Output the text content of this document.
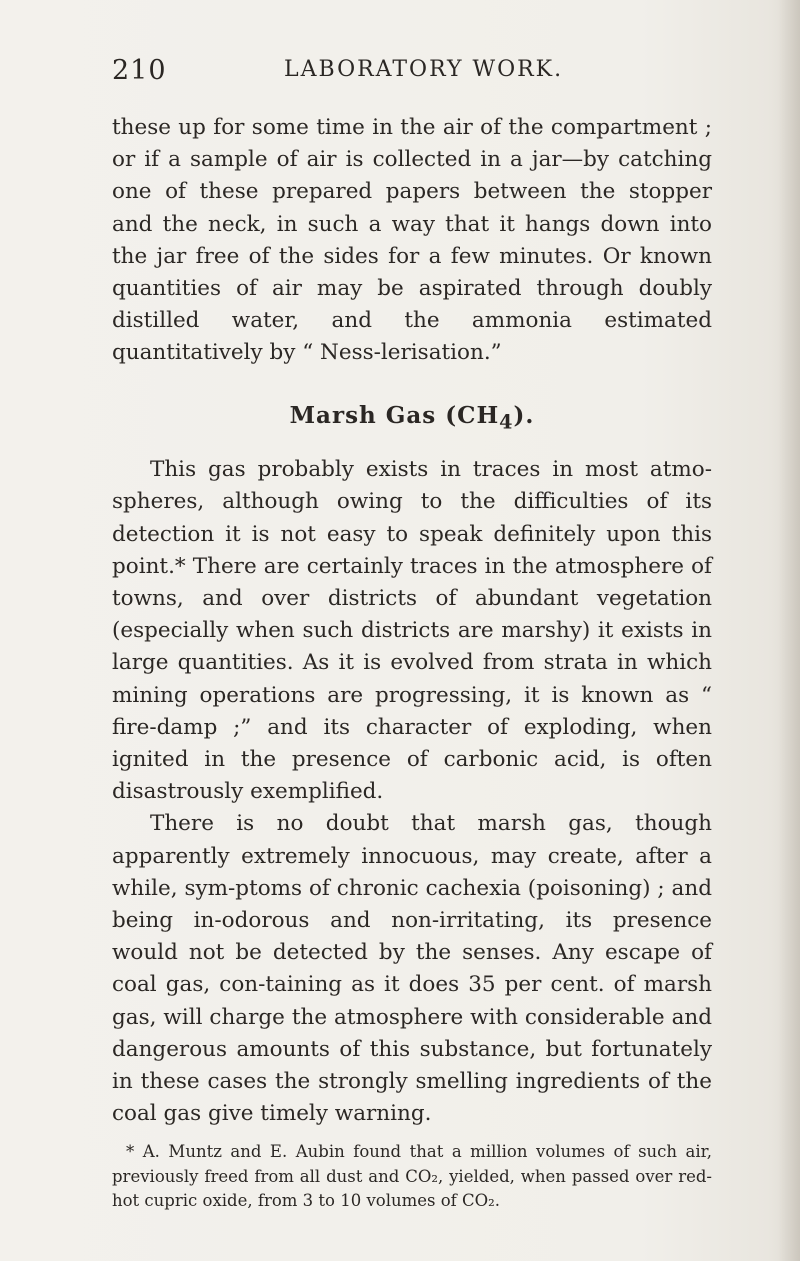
210	LABORATORY WORK.

these up for some time in the air of the compartment ; or if a sample of air is collected in a jar—by catching one of these prepared papers between the stopper and the neck, in such a way that it hangs down into the jar free of the sides for a few minutes. Or known quantities of air may be aspirated through doubly distilled water, and the ammonia estimated quantitatively by “ Ness-lerisation.”

Marsh Gas $(CH_4)$.

This gas probably exists in traces in most atmo-spheres, although owing to the difficulties of its detection it is not easy to speak definitely upon this point.* There are certainly traces in the atmosphere of towns, and over districts of abundant vegetation (especially when such districts are marshy) it exists in large quantities. As it is evolved from strata in which mining operations are progressing, it is known as “ fire-damp ;” and its character of exploding, when ignited in the presence of carbonic acid, is often disastrously exemplified.

There is no doubt that marsh gas, though apparently extremely innocuous, may create, after a while, sym-ptoms of chronic cachexia (poisoning) ; and being in-odorous and non-irritating, its presence would not be detected by the senses. Any escape of coal gas, con-taining as it does 35 per cent. of marsh gas, will charge the atmosphere with considerable and dangerous amounts of this substance, but fortunately in these cases the strongly smelling ingredients of the coal gas give timely warning.

* A. Muntz and E. Aubin found that a million volumes of such air, previously freed from all dust and CO₂, yielded, when passed over red-hot cupric oxide, from 3 to 10 volumes of CO₂.
